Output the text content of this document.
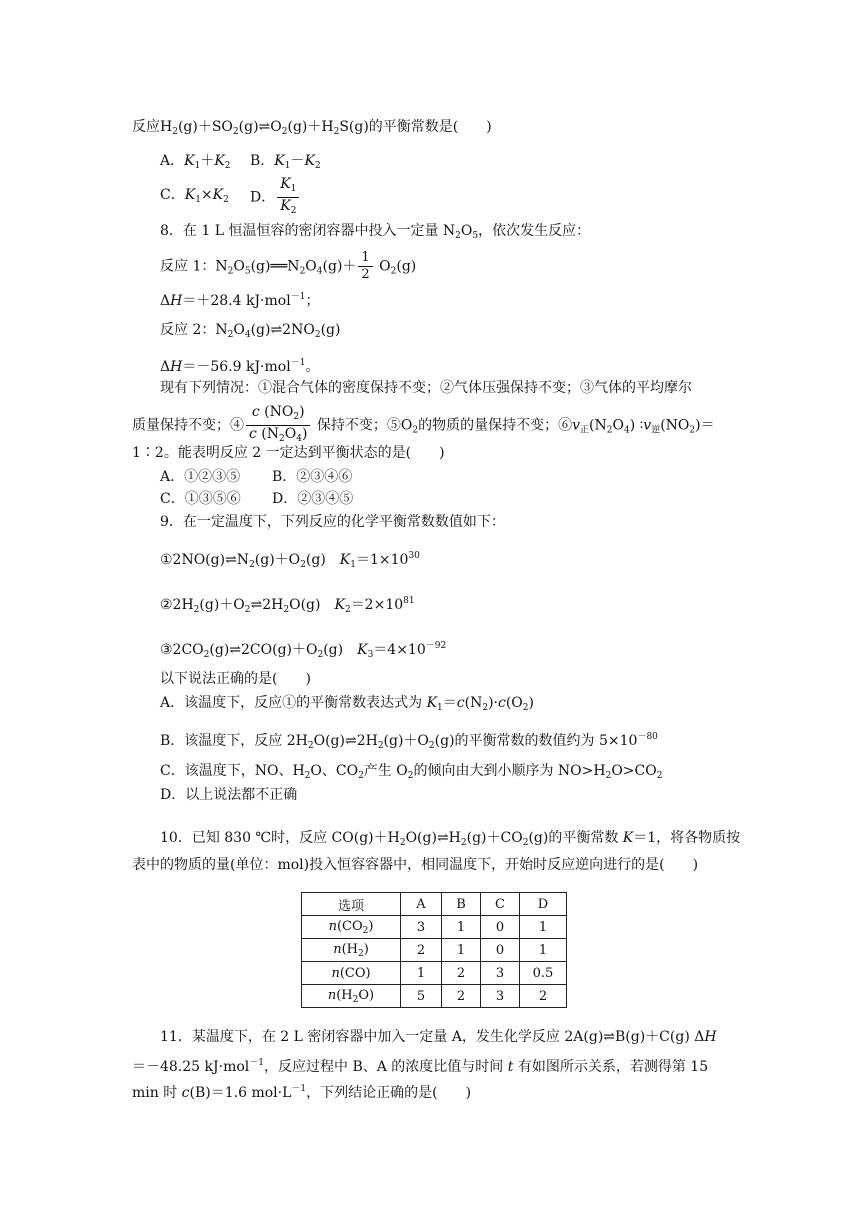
反应$H_2(g)+SO_2(g)\rightleftharpoons O_2(g)+H_2S(g)$的平衡常数是(　　)
A．$K_1+K_2$ B．$K_1-K_2$
C．$K_1\times K_2$ D． $\frac{K_1}{K_2}$
8．在 1 L 恒温恒容的密闭容器中投入一定量 $N_2O_5$，依次发生反应：
反应 1：$N_2O_5(g)══N_2O_4(g)+ \frac{1}{2} O_2(g)$
ΔH＝＋28.4 kJ·mol$^{-1}$；
反应 2：$N_2O_4(g)\rightleftharpoons 2NO_2(g)$
ΔH＝－56.9 kJ·mol$^{-1}$。
现有下列情况：①混合气体的密度保持不变；②气体压强保持不变；③气体的平均摩尔
质量保持不变；④ $\frac{c (NO_2)}{c (N_2O_4)}$ 保持不变；$⑤O_2$的物质的量保持不变；$⑥v_正(N_2O_4)$ $∶v_逆(NO_2)=$
1∶2。能表明反应 2 一定达到平衡状态的是(　　)
A．①②③⑤ B．②③④⑥
C．①③⑤⑥ D．②③④⑤
9．在一定温度下，下列反应的化学平衡常数数值如下：
$①2NO(g)\rightleftharpoons N_2(g)+O_2(g)$　$K_1=1\times 10^{30}$
$②2H_2(g)+O_2\rightleftharpoons 2H_2O(g)$　$K_2=2\times 10^{81}$
$③2CO_2(g)\rightleftharpoons 2CO(g)+O_2(g)$　$K_3=4\times 10^{-92}$
以下说法正确的是(　　)
A．该温度下，反应①的平衡常数表达式为 $K_1=c(N_2)\cdot c(O_2)$
B．该温度下，反应 $2H_2O(g)\rightleftharpoons 2H_2(g)+O_2(g)$的平衡常数的数值约为 $5\times 10^{-80}$
C．该温度下，NO、$H_2O$、$CO_2$产生 $O_2$的倾向由大到小顺序为 $NO>H_2O>CO_2$
D．以上说法都不正确
10．已知 830 ℃时，反应 $CO(g)+H_2O(g)\rightleftharpoons H_2(g)+CO_2(g)$的平衡常数 K＝1，将各物质按
表中的物质的量(单位：mol)投入恒容容器中，相同温度下，开始时反应逆向进行的是(　　)
选项	A	B	C	D
$n(CO_2)$	3	1	0	1
$n(H_2)$	2	1	0	1
n(CO)	1	2	3	0.5
$n(H_2O)$	5	2	3	2
11．某温度下，在 2 L 密闭容器中加入一定量 A，发生化学反应 2A(g)⇌B(g)＋C(g) ΔH
＝－48.25 kJ·mol$^{-1}$，反应过程中 B、A 的浓度比值与时间 t 有如图所示关系，若测得第 15
min 时 c(B)＝1.6 $mol\cdot L^{-1}$，下列结论正确的是(　　)
